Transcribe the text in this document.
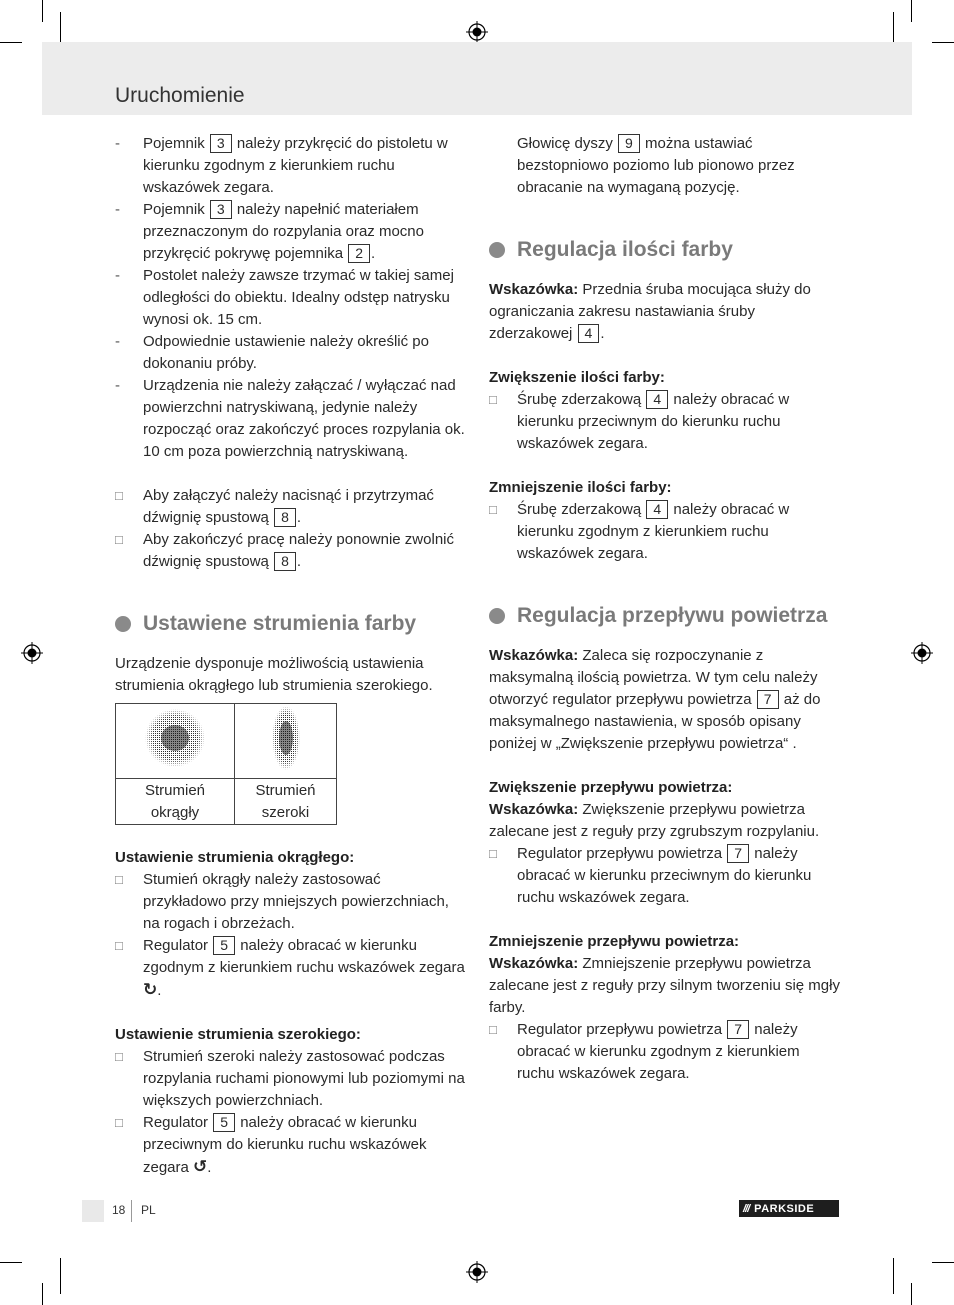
Uruchomienie
-	Pojemnik 3 należy przykręcić do pistoletu w kierunku zgodnym z kierunkiem ruchu wskazówek zegara.
-	Pojemnik 3 należy napełnić materiałem przeznaczonym do rozpylania oraz mocno przykręcić pokrywę pojemnika 2 .
-	Postolet należy zawsze trzymać w takiej samej odległości do obiektu. Idealny odstęp natrysku wynosi ok. 15 cm.
-	Odpowiednie ustawienie należy określić po dokonaniu próby.
-	Urządzenia nie należy załączać / wyłączać nad powierzchni natryskiwaną, jedynie należy rozpocząć oraz zakończyć proces rozpylania ok. 10 cm poza powierzchnią natryskiwaną.
□	Aby załączyć należy nacisnąć i przytrzymać dźwignię spustową 8 .
□	Aby zakończyć pracę należy ponownie zwolnić dźwignię spustową 8 .
Ustawiene strumienia farby

Urządzenie dysponuje możliwością ustawienia strumienia okrągłego lub strumienia szerokiego.

Strumień okrągły	Strumień szeroki

Ustawienie strumienia okrągłego:

□	Stumień okrągły należy zastosować przykładowo przy mniejszych powierzchniach, na rogach i obrzeżach.
□	Regulator 5 należy obracać w kierunku zgodnym z kierunkiem ruchu wskazówek zegara ↻.

Ustawienie strumienia szerokiego:

□	Strumień szeroki należy zastosować podczas rozpylania ruchami pionowymi lub poziomymi na większych powierzchniach.
□	Regulator 5 należy obracać w kierunku przeciwnym do kierunku ruchu wskazówek zegara ↺.

Głowicę dyszy 9 można ustawiać bezstopniowo poziomo lub pionowo przez obracanie na wymaganą pozycję.

Regulacja ilości farby

Wskazówka: Przednia śruba mocująca służy do ograniczania zakresu nastawiania śruby zderzakowej 4 .

Zwiększenie ilości farby:

□	Śrubę zderzakową 4 należy obracać w kierunku przeciwnym do kierunku ruchu wskazówek zegara.

Zmniejszenie ilości farby:

□	Śrubę zderzakową 4 należy obracać w kierunku zgodnym z kierunkiem ruchu wskazówek zegara.
Regulacja przepływu powietrza

Wskazówka: Zaleca się rozpoczynanie z maksymalną ilością powietrza. W tym celu należy otworzyć regulator przepływu powietrza 7 aż do maksymalnego nastawienia, w sposób opisany poniżej w „Zwiększenie przepływu powietrza“ .

Zwiększenie przepływu powietrza:

Wskazówka: Zwiększenie przepływu powietrza zalecane jest z reguły przy zgrubszym rozpylaniu.

□	Regulator przepływu powietrza 7 należy obracać w kierunku przeciwnym do kierunku ruchu wskazówek zegara.

Zmniejszenie przepływu powietrza:

Wskazówka: Zmniejszenie przepływu powietrza zalecane jest z reguły przy silnym tworzeniu się mgły farby.

□	Regulator przepływu powietrza 7 należy obracać w kierunku zgodnym z kierunkiem ruchu wskazówek zegara.
18 PL	/// PARKSIDE
